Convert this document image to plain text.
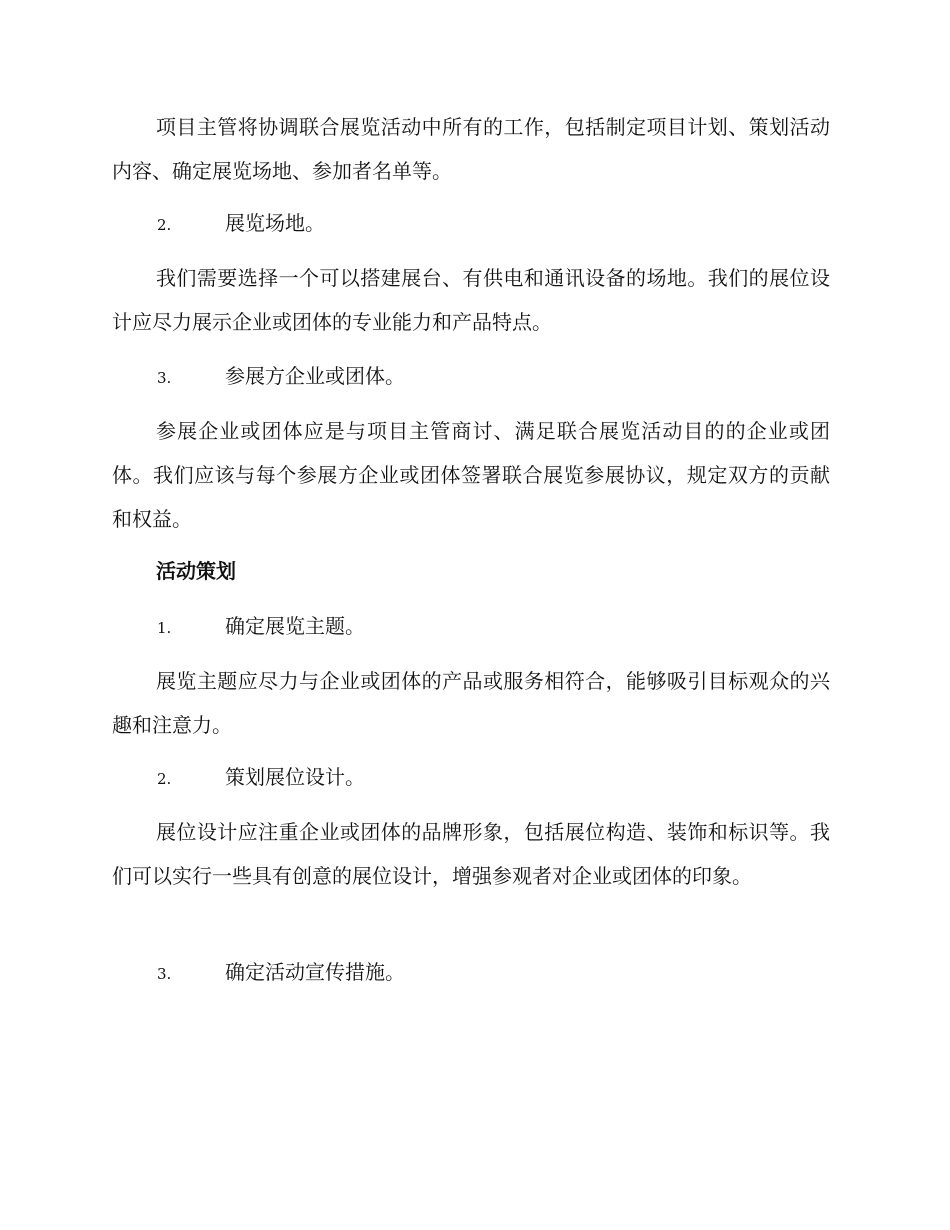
项目主管将协调联合展览活动中所有的工作，包括制定项目计划、策划活动内容、确定展览场地、参加者名单等。

2.	展览场地。

我们需要选择一个可以搭建展台、有供电和通讯设备的场地。我们的展位设计应尽力展示企业或团体的专业能力和产品特点。

3.	参展方企业或团体。

参展企业或团体应是与项目主管商讨、满足联合展览活动目的的企业或团体。我们应该与每个参展方企业或团体签署联合展览参展协议，规定双方的贡献和权益。

活动策划
1.	确定展览主题。

展览主题应尽力与企业或团体的产品或服务相符合，能够吸引目标观众的兴趣和注意力。

2.	策划展位设计。

展位设计应注重企业或团体的品牌形象，包括展位构造、装饰和标识等。我们可以实行一些具有创意的展位设计，增强参观者对企业或团体的印象。

3.	确定活动宣传措施。
